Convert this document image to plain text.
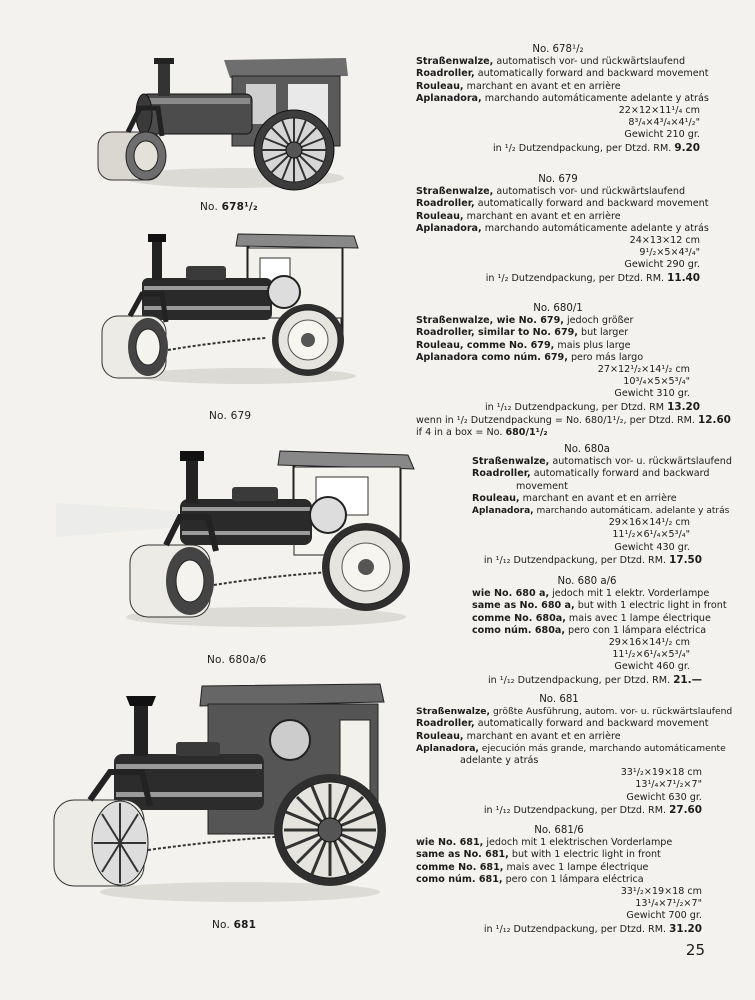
No. 678¹/₂
No. 679
No. 680a/6
No. 681
No. 678¹/₂
Straßenwalze, automatisch vor- und rückwärtslaufend
Roadroller, automatically forward and backward movement
Rouleau, marchant en avant et en arrière
Aplanadora, marchando automáticamente adelante y atrás
22×12×11¹/₄ cm
8³/₄×4³/₄×4¹/₂"
Gewicht 210 gr.
in ¹/₂ Dutzendpackung, per Dtzd. RM. 9.20
No. 679
Straßenwalze, automatisch vor- und rückwärtslaufend
Roadroller, automatically forward and backward movement
Rouleau, marchant en avant et en arrière
Aplanadora, marchando automáticamente adelante y atrás
24×13×12 cm
9¹/₂×5×4³/₄"
Gewicht 290 gr.
in ¹/₂ Dutzendpackung, per Dtzd. RM. 11.40
No. 680/1
Straßenwalze, wie No. 679, jedoch größer
Roadroller, similar to No. 679, but larger
Rouleau, comme No. 679, mais plus large
Aplanadora como núm. 679, pero más largo
27×12¹/₂×14¹/₂ cm
10³/₄×5×5³/₄"
Gewicht 310 gr.
in ¹/₁₂ Dutzendpackung, per Dtzd. RM 13.20
wenn in ¹/₂ Dutzendpackung = No. 680/1¹/₂, per Dtzd. RM. 12.60
if 4 in a box = No. 680/1¹/₂
No. 680a
Straßenwalze, automatisch vor- u. rückwärtslaufend
Roadroller, automatically forward and backward
movement
Rouleau, marchant en avant et en arrière
Aplanadora, marchando automáticam. adelante y atrás
29×16×14¹/₂ cm
11¹/₂×6¹/₄×5³/₄"
Gewicht 430 gr.
in ¹/₁₂ Dutzendpackung, per Dtzd. RM. 17.50
No. 680 a/6
wie No. 680 a, jedoch mit 1 elektr. Vorderlampe
same as No. 680 a, but with 1 electric light in front
comme No. 680a, mais avec 1 lampe électrique
como núm. 680a, pero con 1 lámpara eléctrica
29×16×14¹/₂ cm
11¹/₂×6¹/₄×5³/₄"
Gewicht 460 gr.
in ¹/₁₂ Dutzendpackung, per Dtzd. RM. 21.—
No. 681
Straßenwalze, größte Ausführung, autom. vor- u. rückwärtslaufend
Roadroller, automatically forward and backward movement
Rouleau, marchant en avant et en arrière
Aplanadora, ejecución más grande, marchando automáticamente
adelante y atrás
33¹/₂×19×18 cm
13¹/₄×7¹/₂×7"
Gewicht 630 gr.
in ¹/₁₂ Dutzendpackung, per Dtzd. RM. 27.60
No. 681/6
wie No. 681, jedoch mit 1 elektrischen Vorderlampe
same as No. 681, but with 1 electric light in front
comme No. 681, mais avec 1 lampe électrique
como núm. 681, pero con 1 lámpara eléctrica
33¹/₂×19×18 cm
13¹/₄×7¹/₂×7"
Gewicht 700 gr.
in ¹/₁₂ Dutzendpackung, per Dtzd. RM. 31.20
25
